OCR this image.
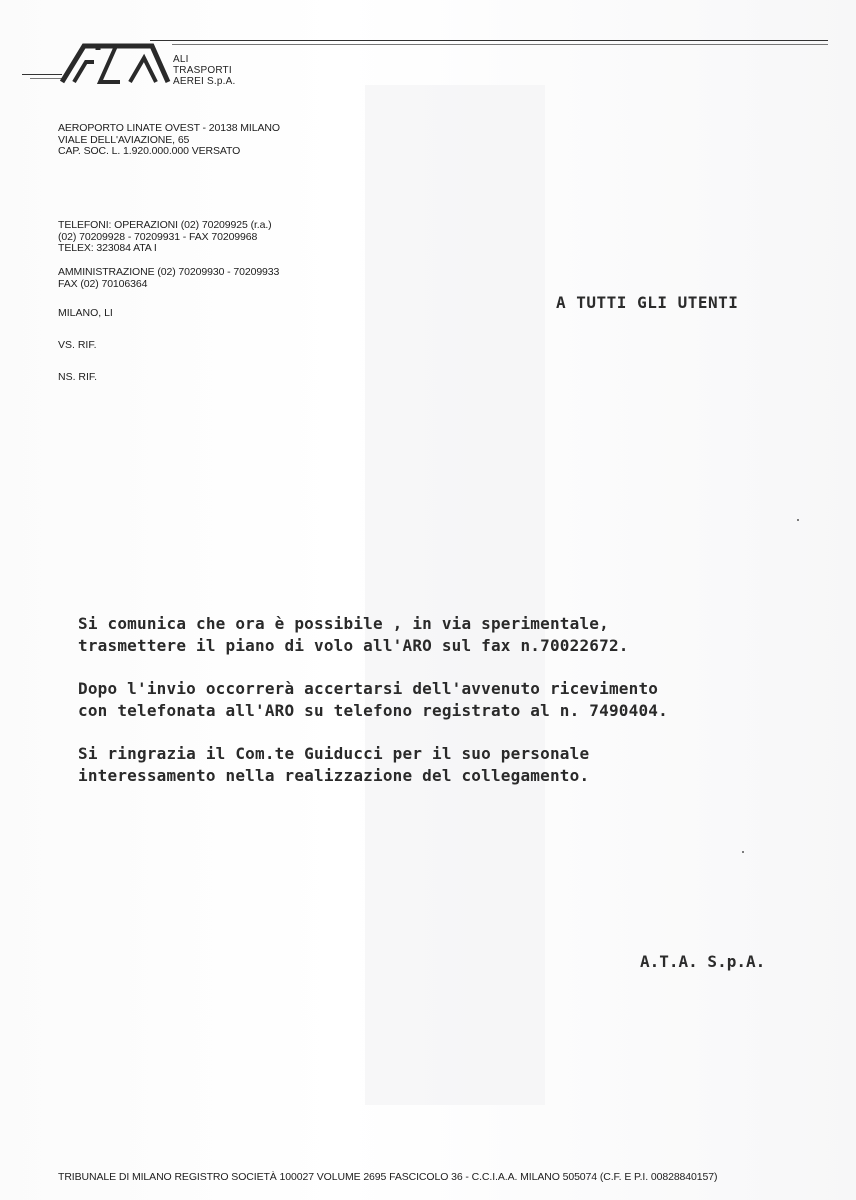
ALI
TRASPORTI
AEREI S.p.A.
AEROPORTO LINATE OVEST - 20138 MILANO
VIALE DELL'AVIAZIONE, 65
CAP. SOC. L. 1.920.000.000 VERSATO
TELEFONI: OPERAZIONI (02) 70209925 (r.a.)
(02) 70209928 - 70209931 - FAX 70209968
TELEX: 323084 ATA I
AMMINISTRAZIONE (02) 70209930 - 70209933
FAX (02) 70106364
MILANO, LI
VS. RIF.
NS. RIF.
A TUTTI GLI UTENTI

Si comunica che ora è possibile , in via sperimentale,
trasmettere il piano di volo all'ARO sul fax n.70022672.

Dopo l'invio occorrerà accertarsi dell'avvenuto ricevimento
con telefonata all'ARO su telefono registrato al n. 7490404.

Si ringrazia il Com.te Guiducci per il suo personale
interessamento nella realizzazione del collegamento.

A.T.A. S.p.A.
TRIBUNALE DI MILANO REGISTRO SOCIETÀ 100027 VOLUME 2695 FASCICOLO 36 - C.C.I.A.A. MILANO 505074 (C.F. E P.I. 00828840157)
